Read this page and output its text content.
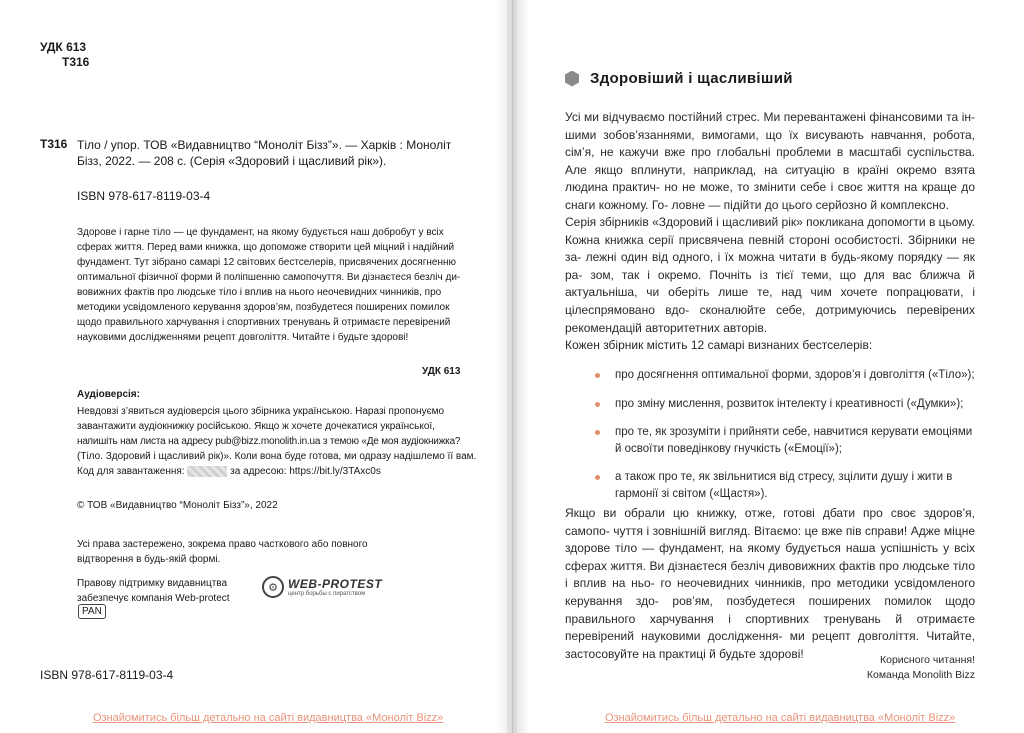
УДК 613
Т316
Т316 Тіло / упор. ТОВ «Видавництво “Моноліт Бізз”». — Харків : Моноліт
Бізз, 2022. — 208 с. (Серія «Здоровий і щасливий рік»).
ISBN 978-617-8119-03-4
Здорове і гарне тіло — це фундамент, на якому будується наш добробут у всіх
сферах життя. Перед вами книжка, що допоможе створити цей міцний і надійний
фундамент. Тут зібрано самарі 12 світових бестселерів, присвячених досягненню
оптимальної фізичної форми й поліпшенню самопочуття. Ви дізнаєтеся безліч ди-
вовижних фактів про людське тіло і вплив на нього неочевидних чинників, про
методики усвідомленого керування здоров’ям, позбудетеся поширених помилок
щодо правильного харчування і спортивних тренувань й отримаєте перевірений
науковими дослідженнями рецепт довголіття. Читайте і будьте здорові!
УДК 613
Аудіоверсія:
Невдовзі з’явиться аудіоверсія цього збірника українською. Наразі пропонуємо
завантажити аудіокнижку російською. Якщо ж хочете дочекатися української,
напишіть нам листа на адресу pub@bizz.monolith.in.ua з темою «Де моя аудіокнижка?
(Тіло. Здоровий і щасливий рік)». Коли вона буде готова, ми одразу надішлемо її вам.
Код для завантаження:	за адресою: https://bit.ly/3TAxc0s
© ТОВ «Видавництво “Моноліт Бізз”», 2022
Усі права застережено, зокрема право часткового або повного
відтворення в будь-якій формі.
Правову підтримку видавництва
забезпечує компанія Web-protect
PAN
⚙ WEB-PROTEST
центр борьбы с пиратством
ISBN 978-617-8119-03-4
Ознайомитись більш детально на сайті видавництва «Моноліт Bizz»
Здоровіший і щасливіший
Усі ми відчуваємо постійний стрес. Ми перевантажені фінансовими та ін- шими зобов’язаннями, вимогами, що їх висувають навчання, робота, сім’я, не кажучи вже про глобальні проблеми в масштабі суспільства. Але якщо вплинути, наприклад, на ситуацію в країні окремо взята людина практич- но не може, то змінити себе і своє життя на краще до снаги кожному. Го- ловне — підійти до цього серйозно й комплексно.
Серія збірників «Здоровий і щасливий рік» покликана допомогти в цьому. Кожна книжка серії присвячена певній стороні особистості. Збірники не за- лежні один від одного, і їх можна читати в будь-якому порядку — як ра- зом, так і окремо. Почніть із тієї теми, що для вас ближча й актуальніша, чи оберіть лише те, над чим хочете попрацювати, і цілеспрямовано вдо- сконалюйте себе, дотримуючись перевірених рекомендацій авторитетних авторів.
Кожен збірник містить 12 самарі визнаних бестселерів:
про досягнення оптимальної форми, здоров’я і довголіття («Тіло»);
про зміну мислення, розвиток інтелекту і креативності («Думки»);
про те, як зрозуміти і прийняти себе, навчитися керувати емоціями й освоїти поведінкову гнучкість («Емоції»);
а також про те, як звільнитися від стресу, зцілити душу і жити в гармонії зі світом («Щастя»).
Якщо ви обрали цю книжку, отже, готові дбати про своє здоров’я, самопо- чуття і зовнішній вигляд. Вітаємо: це вже пів справи! Адже міцне здорове тіло — фундамент, на якому будується наша успішність у всіх сферах життя. Ви дізнаєтеся безліч дивовижних фактів про людське тіло і вплив на ньо- го неочевидних чинників, про методики усвідомленого керування здо- ров’ям, позбудетеся поширених помилок щодо правильного харчування і спортивних тренувань й отримаєте перевірений науковими дослідження- ми рецепт довголіття. Читайте, застосовуйте на практиці й будьте здорові!	Корисного читання!
Команда Monolith Bizz
Ознайомитись більш детально на сайті видавництва «Моноліт Bizz»
